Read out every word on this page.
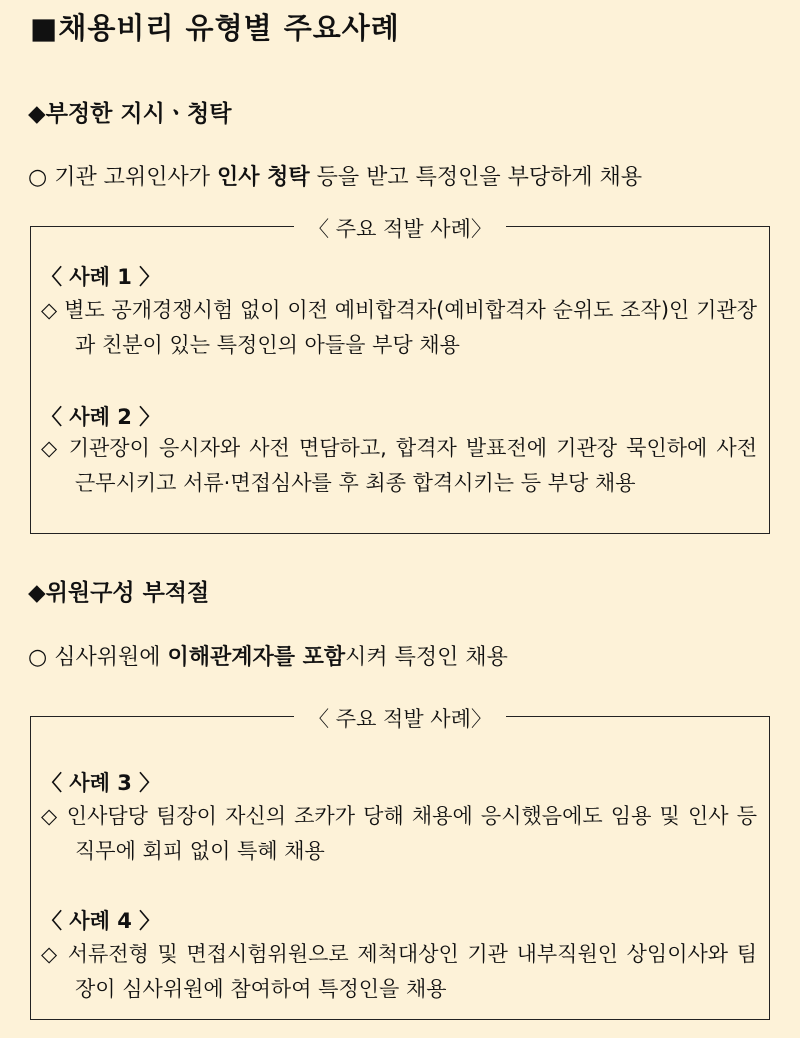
■채용비리 유형별 주요사례
◆부정한 지시ㆍ청탁
○ 기관 고위인사가 인사 청탁 등을 받고 특정인을 부당하게 채용
〈 주요 적발 사례〉
〈 사례 1 〉
◇ 별도 공개경쟁시험 없이 이전 예비합격자(예비합격자 순위도 조작)인 기관장과 친분이 있는 특정인의 아들을 부당 채용
〈 사례 2 〉
◇ 기관장이 응시자와 사전 면담하고, 합격자 발표전에 기관장 묵인하에 사전 근무시키고 서류·면접심사를 후 최종 합격시키는 등 부당 채용
◆위원구성 부적절
○ 심사위원에 이해관계자를 포함시켜 특정인 채용
〈 주요 적발 사례〉
〈 사례 3 〉
◇ 인사담당 팀장이 자신의 조카가 당해 채용에 응시했음에도 임용 및 인사 등 직무에 회피 없이 특혜 채용
〈 사례 4 〉
◇ 서류전형 및 면접시험위원으로 제척대상인 기관 내부직원인 상임이사와 팀장이 심사위원에 참여하여 특정인을 채용
